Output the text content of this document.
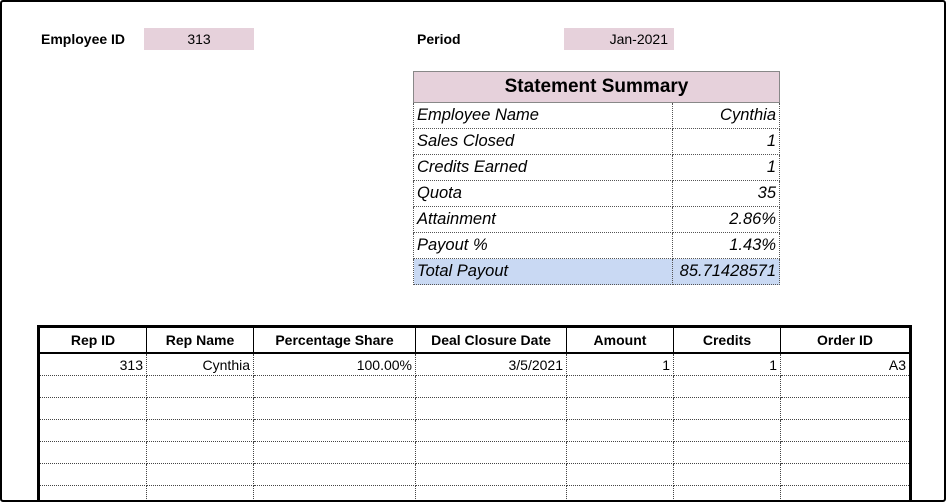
Employee ID	313	Period	Jan-2021
Statement Summary	
Employee Name	Cynthia
Sales Closed	1
Credits Earned	1
Quota	35
Attainment	2.86%
Payout %	1.43%
Total Payout	85.71428571
Rep ID	Rep Name	Percentage Share	Deal Closure Date	Amount	Credits	Order ID
313	Cynthia	100.00%	3/5/2021	1	1	A3
